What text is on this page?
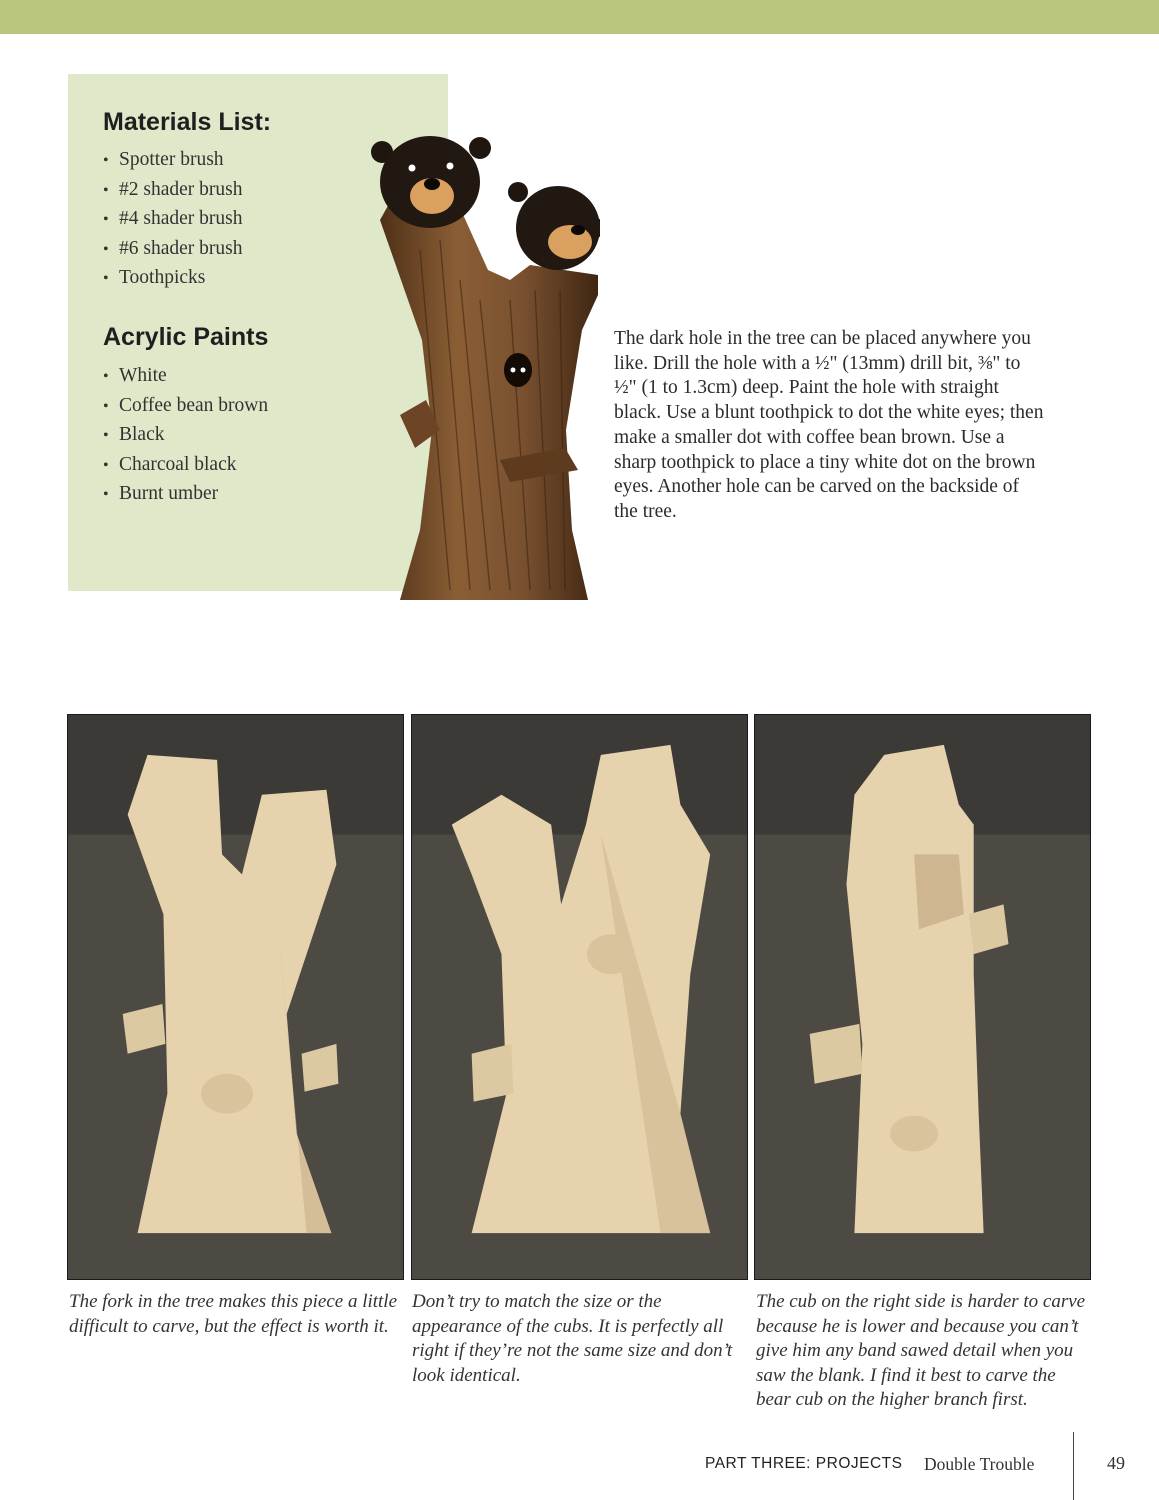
Materials List:
• Spotter brush
• #2 shader brush
• #4 shader brush
• #6 shader brush
• Toothpicks
Acrylic Paints
• White
• Coffee bean brown
• Black
• Charcoal black
• Burnt umber

The dark hole in the tree can be placed anywhere you like. Drill the hole with a ½" (13mm) drill bit, ⅜" to ½" (1 to 1.3cm) deep. Paint the hole with straight black. Use a blunt toothpick to dot the white eyes; then make a smaller dot with coffee bean brown. Use a sharp toothpick to place a tiny white dot on the brown eyes. Another hole can be carved on the backside of the tree.

The fork in the tree makes this piece a little difficult to carve, but the effect is worth it.

Don’t try to match the size or the appearance of the cubs. It is perfectly all right if they’re not the same size and don’t look identical.

The cub on the right side is harder to carve because he is lower and because you can’t give him any band sawed detail when you saw the blank. I find it best to carve the bear cub on the higher branch first.

PART THREE: PROJECTS Double Trouble	49
